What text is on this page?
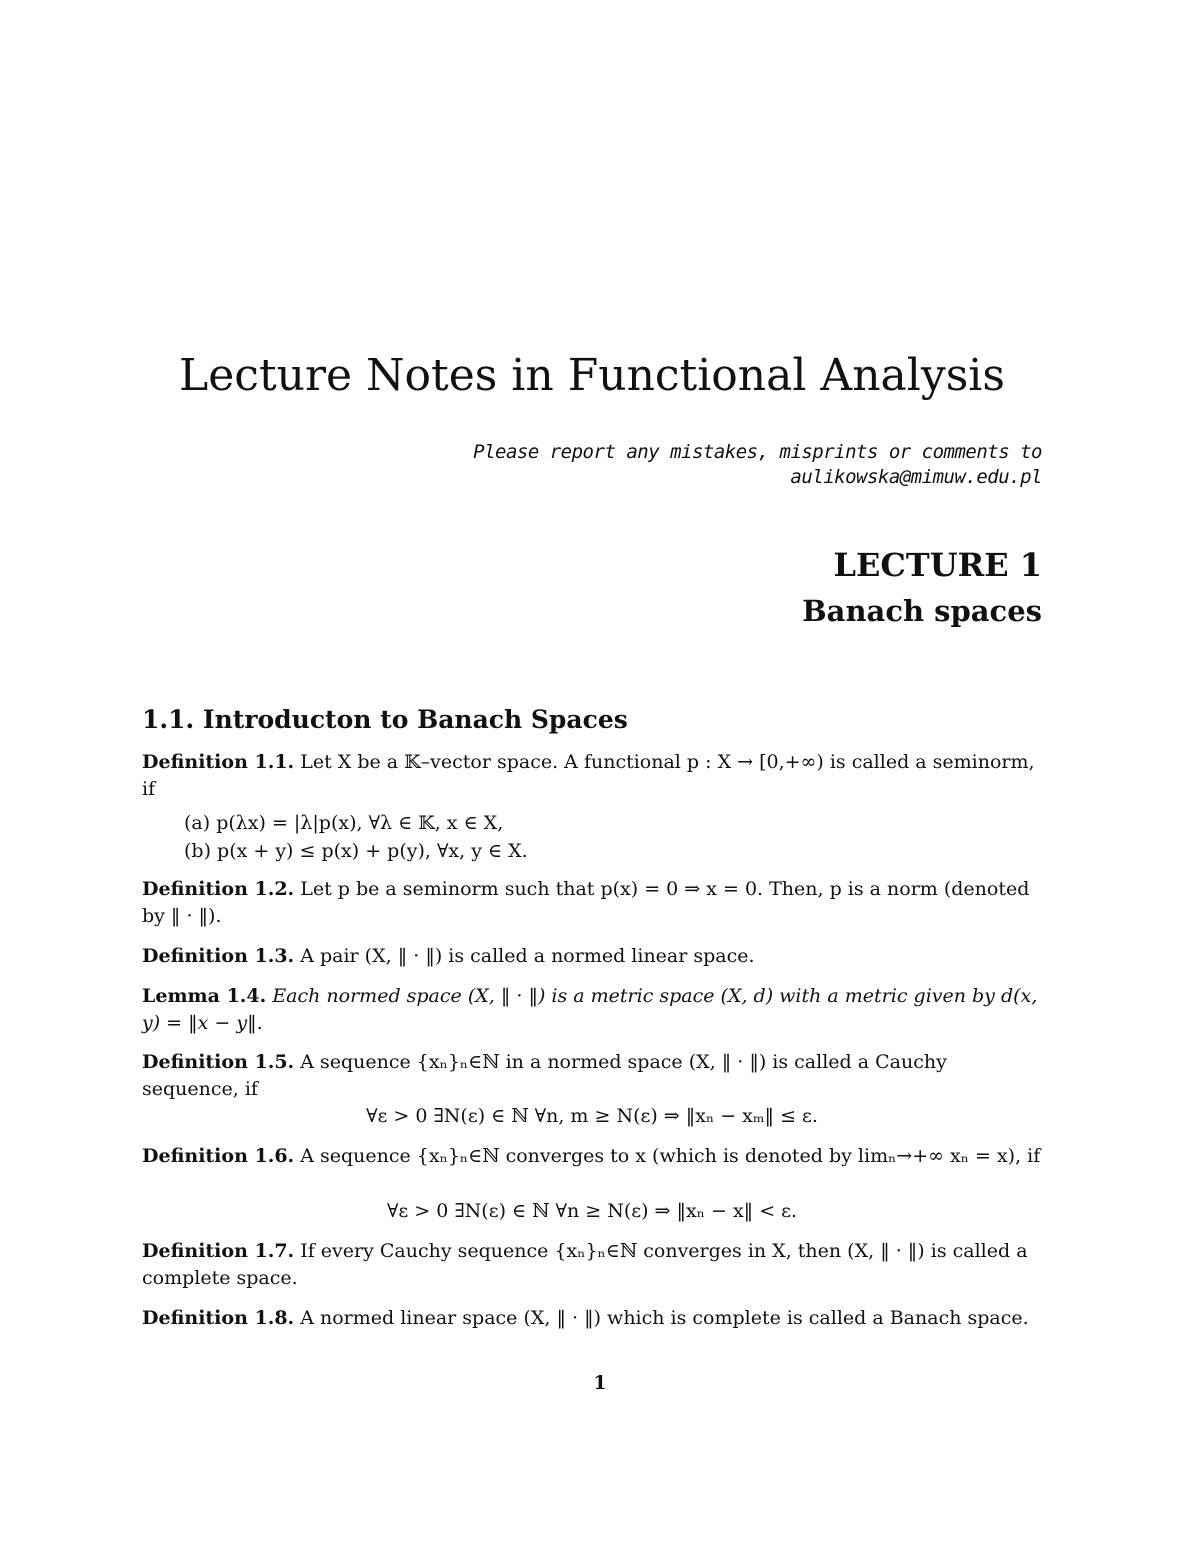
Lecture Notes in Functional Analysis
Please report any mistakes, misprints or comments to
aulikowska@mimuw.edu.pl
LECTURE 1
Banach spaces
1.1. Introducton to Banach Spaces
Definition 1.1. Let X be a 𝕂–vector space. A functional p : X → [0,+∞) is called a seminorm, if
(a) p(λx) = |λ|p(x), ∀λ ∈ 𝕂, x ∈ X,
(b) p(x + y) ≤ p(x) + p(y), ∀x, y ∈ X.
Definition 1.2. Let p be a seminorm such that p(x) = 0 ⇒ x = 0. Then, p is a norm (denoted by ‖ · ‖).
Definition 1.3. A pair (X, ‖ · ‖) is called a normed linear space.
Lemma 1.4. Each normed space (X, ‖ · ‖) is a metric space (X, d) with a metric given by d(x, y) = ‖x − y‖.
Definition 1.5. A sequence {xₙ}ₙ∈ℕ in a normed space (X, ‖ · ‖) is called a Cauchy sequence, if
∀ε > 0 ∃N(ε) ∈ ℕ ∀n, m ≥ N(ε) ⇒ ‖xₙ − xₘ‖ ≤ ε.
Definition 1.6. A sequence {xₙ}ₙ∈ℕ converges to x (which is denoted by limₙ→+∞ xₙ = x), if
∀ε > 0 ∃N(ε) ∈ ℕ ∀n ≥ N(ε) ⇒ ‖xₙ − x‖ < ε.
Definition 1.7. If every Cauchy sequence {xₙ}ₙ∈ℕ converges in X, then (X, ‖ · ‖) is called a complete space.
Definition 1.8. A normed linear space (X, ‖ · ‖) which is complete is called a Banach space.
1
